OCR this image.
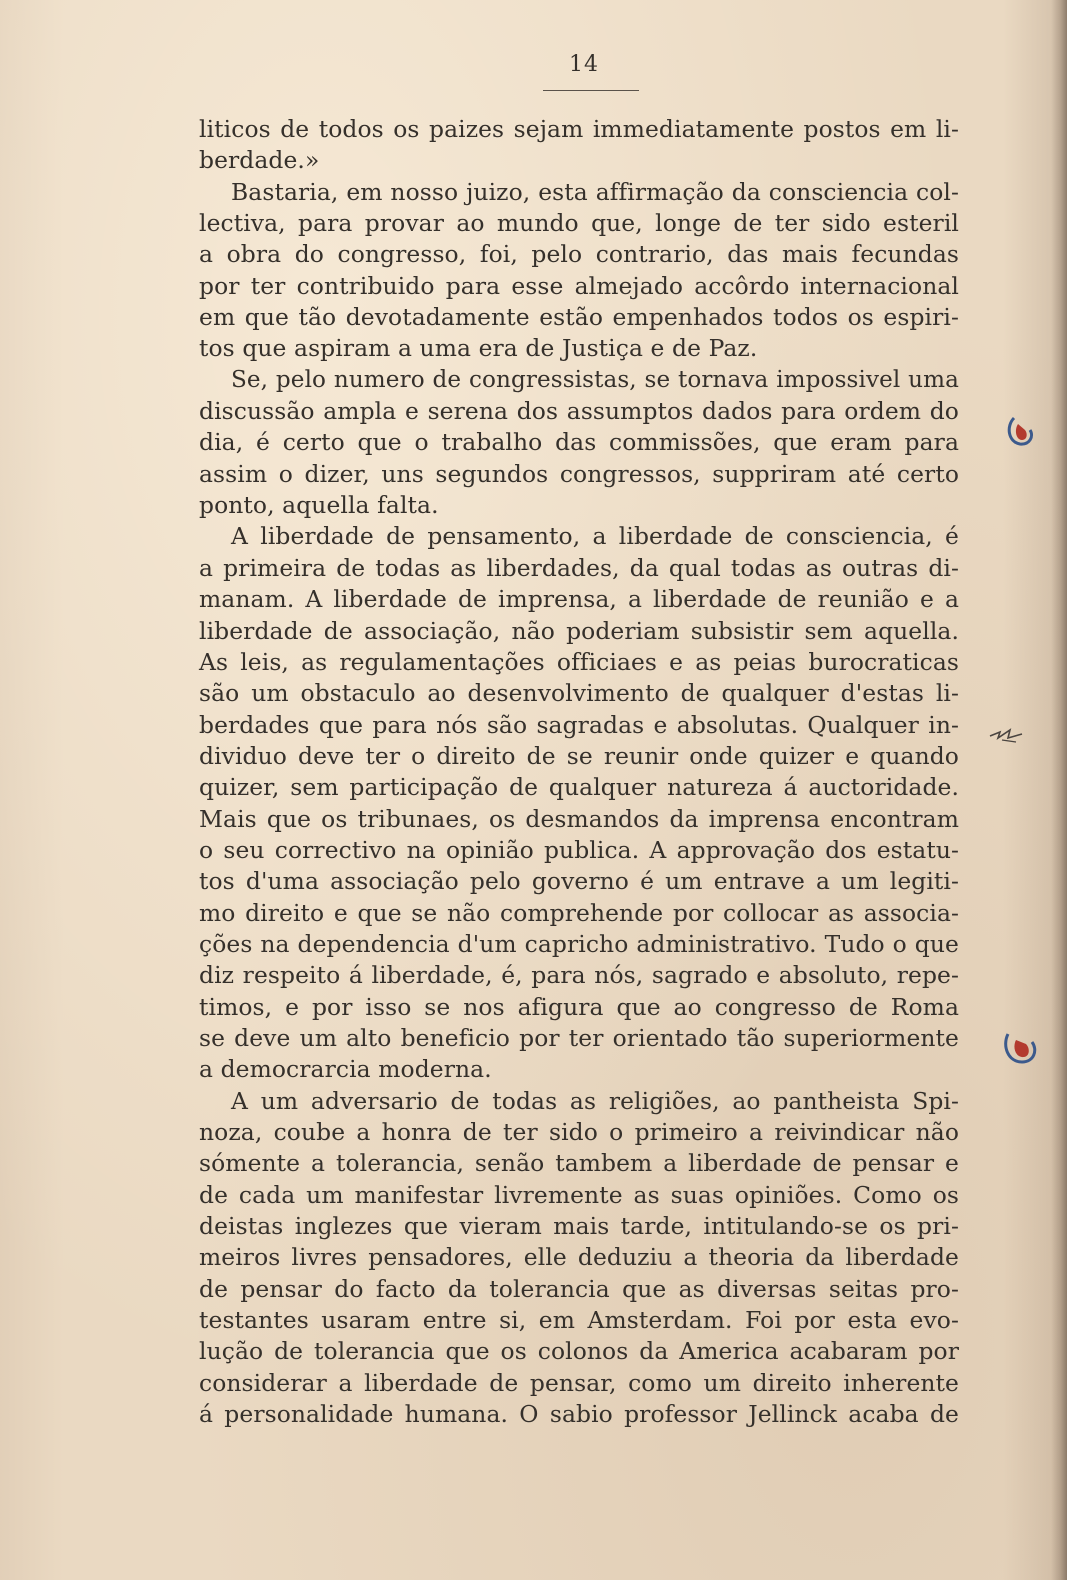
14
liticos de todos os paizes sejam immediatamente postos em li-
berdade.»
Bastaria, em nosso juizo, esta affirmação da consciencia col-
lectiva, para provar ao mundo que, longe de ter sido esteril
a obra do congresso, foi, pelo contrario, das mais fecundas
por ter contribuido para esse almejado accôrdo internacional
em que tão devotadamente estão empenhados todos os espiri-
tos que aspiram a uma era de Justiça e de Paz.
Se, pelo numero de congressistas, se tornava impossivel uma
discussão ampla e serena dos assumptos dados para ordem do
dia, é certo que o trabalho das commissões, que eram para
assim o dizer, uns segundos congressos, suppriram até certo
ponto, aquella falta.
A liberdade de pensamento, a liberdade de consciencia, é
a primeira de todas as liberdades, da qual todas as outras di-
manam. A liberdade de imprensa, a liberdade de reunião e a
liberdade de associação, não poderiam subsistir sem aquella.
As leis, as regulamentações officiaes e as peias burocraticas
são um obstaculo ao desenvolvimento de qualquer d'estas li-
berdades que para nós são sagradas e absolutas. Qualquer in-
dividuo deve ter o direito de se reunir onde quizer e quando
quizer, sem participação de qualquer natureza á auctoridade.
Mais que os tribunaes, os desmandos da imprensa encontram
o seu correctivo na opinião publica. A approvação dos estatu-
tos d'uma associação pelo governo é um entrave a um legiti-
mo direito e que se não comprehende por collocar as associa-
ções na dependencia d'um capricho administrativo. Tudo o que
diz respeito á liberdade, é, para nós, sagrado e absoluto, repe-
timos, e por isso se nos afigura que ao congresso de Roma
se deve um alto beneficio por ter orientado tão superiormente
a democrarcia moderna.
A um adversario de todas as religiões, ao pantheista Spi-
noza, coube a honra de ter sido o primeiro a reivindicar não
sómente a tolerancia, senão tambem a liberdade de pensar e
de cada um manifestar livremente as suas opiniões. Como os
deistas inglezes que vieram mais tarde, intitulando-se os pri-
meiros livres pensadores, elle deduziu a theoria da liberdade
de pensar do facto da tolerancia que as diversas seitas pro-
testantes usaram entre si, em Amsterdam. Foi por esta evo-
lução de tolerancia que os colonos da America acabaram por
considerar a liberdade de pensar, como um direito inherente
á personalidade humana. O sabio professor Jellinck acaba de
